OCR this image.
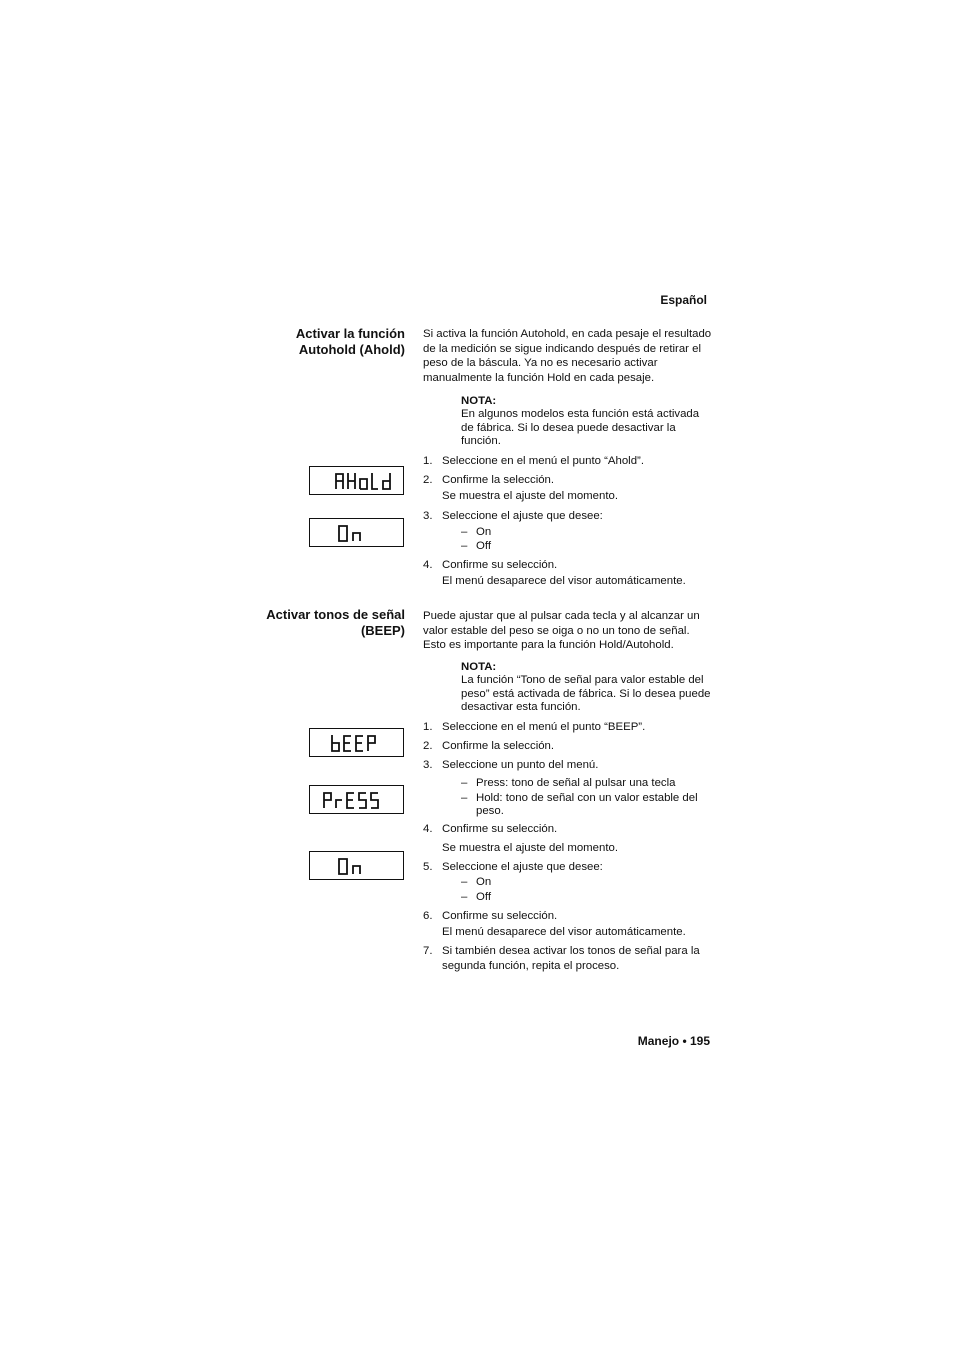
Español
Activar la función
Autohold (Ahold)
Si activa la función Autohold, en cada pesaje el resultado de la medición se sigue indicando después de retirar el peso de la báscula. Ya no es necesario activar manualmente la función Hold en cada pesaje.
NOTA:
En algunos modelos esta función está activada de fábrica. Si lo desea puede desactivar la función.
1. Seleccione en el menú el punto “Ahold”.
2. Confirme la selección.
Se muestra el ajuste del momento.
3. Seleccione el ajuste que desee:
– On
– Off
4. Confirme su selección.
El menú desaparece del visor automáticamente.
AHOLd
On
Activar tonos de señal
(BEEP)
Puede ajustar que al pulsar cada tecla y al alcanzar un valor estable del peso se oiga o no un tono de señal. Esto es importante para la función Hold/Autohold.
NOTA:
La función “Tono de señal para valor estable del peso” está activada de fábrica. Si lo desea puede desactivar esta función.
1. Seleccione en el menú el punto “BEEP”.
2. Confirme la selección.
3. Seleccione un punto del menú.
– Press: tono de señal al pulsar una tecla
– Hold: tono de señal con un valor estable del peso.
4. Confirme su selección.
Se muestra el ajuste del momento.
5. Seleccione el ajuste que desee:
– On
– Off
6. Confirme su selección.
El menú desaparece del visor automáticamente.
7. Si también desea activar los tonos de señal para la segunda función, repita el proceso.
bEEP
PrESS
On
Manejo • 195
